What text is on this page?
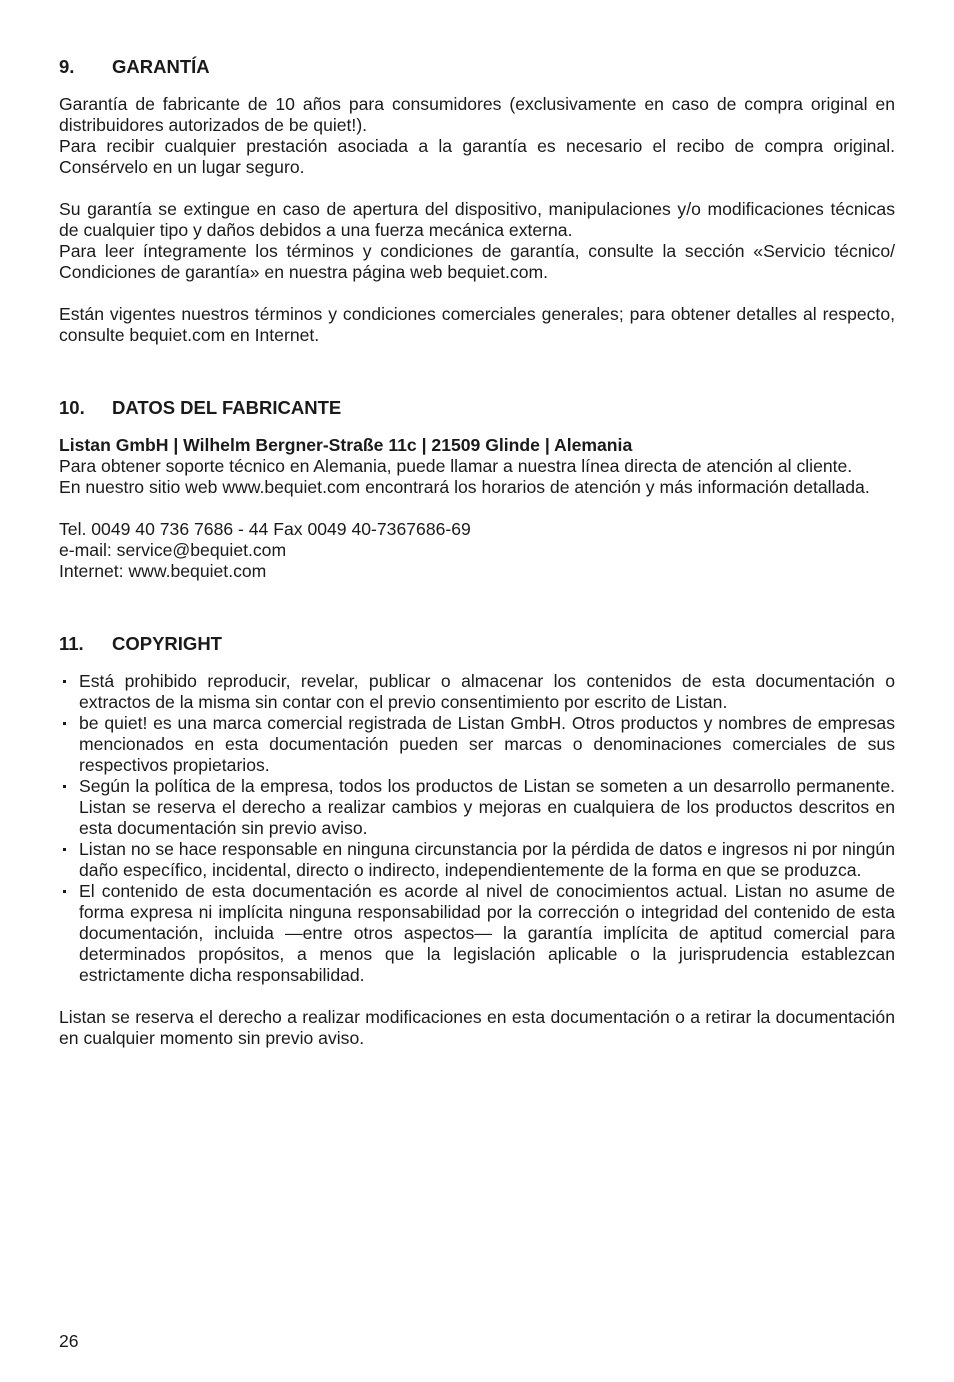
9.	GARANTÍA

Garantía de fabricante de 10 años para consumidores (exclusivamente en caso de compra original en distribuidores autorizados de be quiet!).

Para recibir cualquier prestación asociada a la garantía es necesario el recibo de compra original. Consérvelo en un lugar seguro.

Su garantía se extingue en caso de apertura del dispositivo, manipulaciones y/o modificaciones técnicas de cualquier tipo y daños debidos a una fuerza mecánica externa.

Para leer íntegramente los términos y condiciones de garantía, consulte la sección «Servicio técnico/ Condiciones de garantía» en nuestra página web bequiet.com.

Están vigentes nuestros términos y condiciones comerciales generales; para obtener detalles al respecto, consulte bequiet.com en Internet.

10.	DATOS DEL FABRICANTE

Listan GmbH | Wilhelm Bergner-Straße 11c | 21509 Glinde | Alemania

Para obtener soporte técnico en Alemania, puede llamar a nuestra línea directa de atención al cliente.

En nuestro sitio web www.bequiet.com encontrará los horarios de atención y más información detallada.

Tel. 0049 40 736 7686 - 44 Fax 0049 40-7367686-69

e-mail: service@bequiet.com

Internet: www.bequiet.com

11.	COPYRIGHT
Está prohibido reproducir, revelar, publicar o almacenar los contenidos de esta documentación o extractos de la misma sin contar con el previo consentimiento por escrito de Listan.
be quiet! es una marca comercial registrada de Listan GmbH. Otros productos y nombres de empresas mencionados en esta documentación pueden ser marcas o denominaciones comerciales de sus respectivos propietarios.
Según la política de la empresa, todos los productos de Listan se someten a un desarrollo permanente. Listan se reserva el derecho a realizar cambios y mejoras en cualquiera de los productos descritos en esta documentación sin previo aviso.
Listan no se hace responsable en ninguna circunstancia por la pérdida de datos e ingresos ni por ningún daño específico, incidental, directo o indirecto, independientemente de la forma en que se produzca.
El contenido de esta documentación es acorde al nivel de conocimientos actual. Listan no asume de forma expresa ni implícita ninguna responsabilidad por la corrección o integridad del contenido de esta documentación, incluida —entre otros aspectos— la garantía implícita de aptitud comercial para determinados propósitos, a menos que la legislación aplicable o la jurisprudencia establezcan estrictamente dicha responsabilidad.

Listan se reserva el derecho a realizar modificaciones en esta documentación o a retirar la documentación en cualquier momento sin previo aviso.

26
